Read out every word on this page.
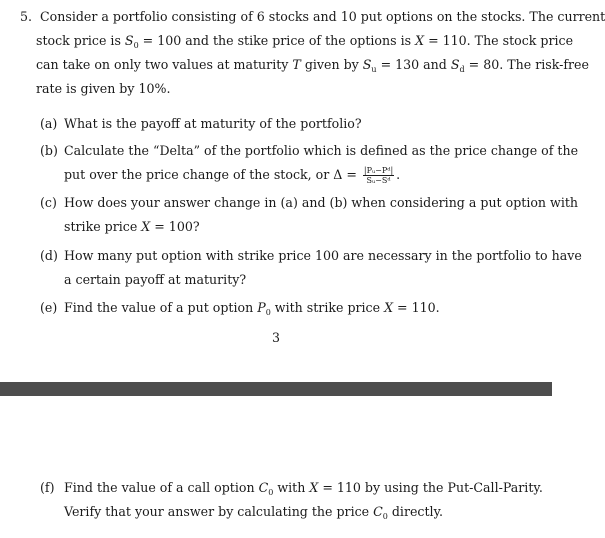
5. Consider a portfolio consisting of 6 stocks and 10 put options on the stocks. The current
stock price is $S_0 = 100$ and the stike price of the options is X = 110. The stock price
can take on only two values at maturity T given by $S_u = 130$ and $S_d = 80$. The risk-free
rate is given by 10%.
(a) What is the payoff at maturity of the portfolio?
(b) Calculate the “Delta” of the portfolio which is defined as the price change of the
put over the price change of the stock, or $\Delta = \frac{\text{|Pᵤ−Pᵈ|}}{\text{Sᵤ−Sᵈ}}$ .
(c) How does your answer change in (a) and (b) when considering a put option with
strike price X = 100?
(d) How many put option with strike price 100 are necessary in the portfolio to have
a certain payoff at maturity?
(e) Find the value of a put option $P_0$ with strike price X = 110.
3
(f) Find the value of a call option $C_0$ with X = 110 by using the Put-Call-Parity.
Verify that your answer by calculating the price $C_0$ directly.
